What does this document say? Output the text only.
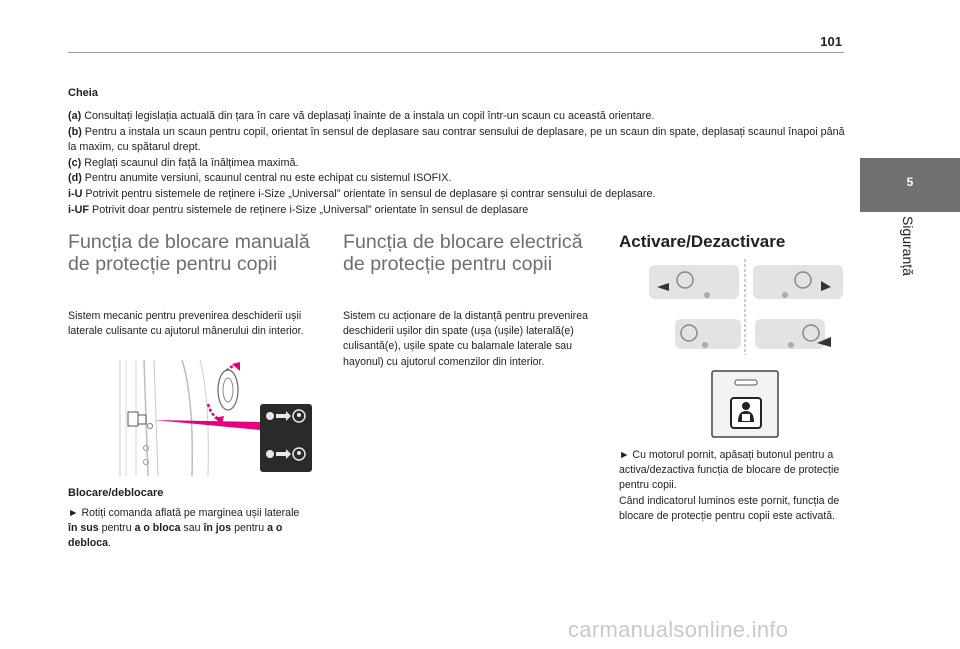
101
5
Siguranță
Cheia
(a) Consultați legislația actuală din țara în care vă deplasați înainte de a instala un copil într-un scaun cu această orientare.
(b) Pentru a instala un scaun pentru copil, orientat în sensul de deplasare sau contrar sensului de deplasare, pe un scaun din spate, deplasați scaunul înapoi până la maxim, cu spătarul drept.
(c) Reglați scaunul din față la înălțimea maximă.
(d) Pentru anumite versiuni, scaunul central nu este echipat cu sistemul ISOFIX.
i-U Potrivit pentru sistemele de reținere i-Size „Universal” orientate în sensul de deplasare și contrar sensului de deplasare.
i-UF Potrivit doar pentru sistemele de reținere i-Size „Universal” orientate în sensul de deplasare
Funcția de blocare manuală de protecție pentru copii
Sistem mecanic pentru prevenirea deschiderii ușii laterale culisante cu ajutorul mânerului din interior.
Blocare/deblocare
► Rotiți comanda aflată pe marginea ușii laterale în sus pentru a o bloca sau în jos pentru a o debloca.
Funcția de blocare electrică de protecție pentru copii
Sistem cu acționare de la distanță pentru prevenirea deschiderii ușilor din spate (ușa (ușile) laterală(e) culisantă(e), ușile spate cu balamale laterale sau hayonul) cu ajutorul comenzilor din interior.
Activare/Dezactivare
► Cu motorul pornit, apăsați butonul pentru a activa/dezactiva funcția de blocare de protecție pentru copii.
Când indicatorul luminos este pornit, funcția de blocare de protecție pentru copii este activată.
carmanualsonline.info
